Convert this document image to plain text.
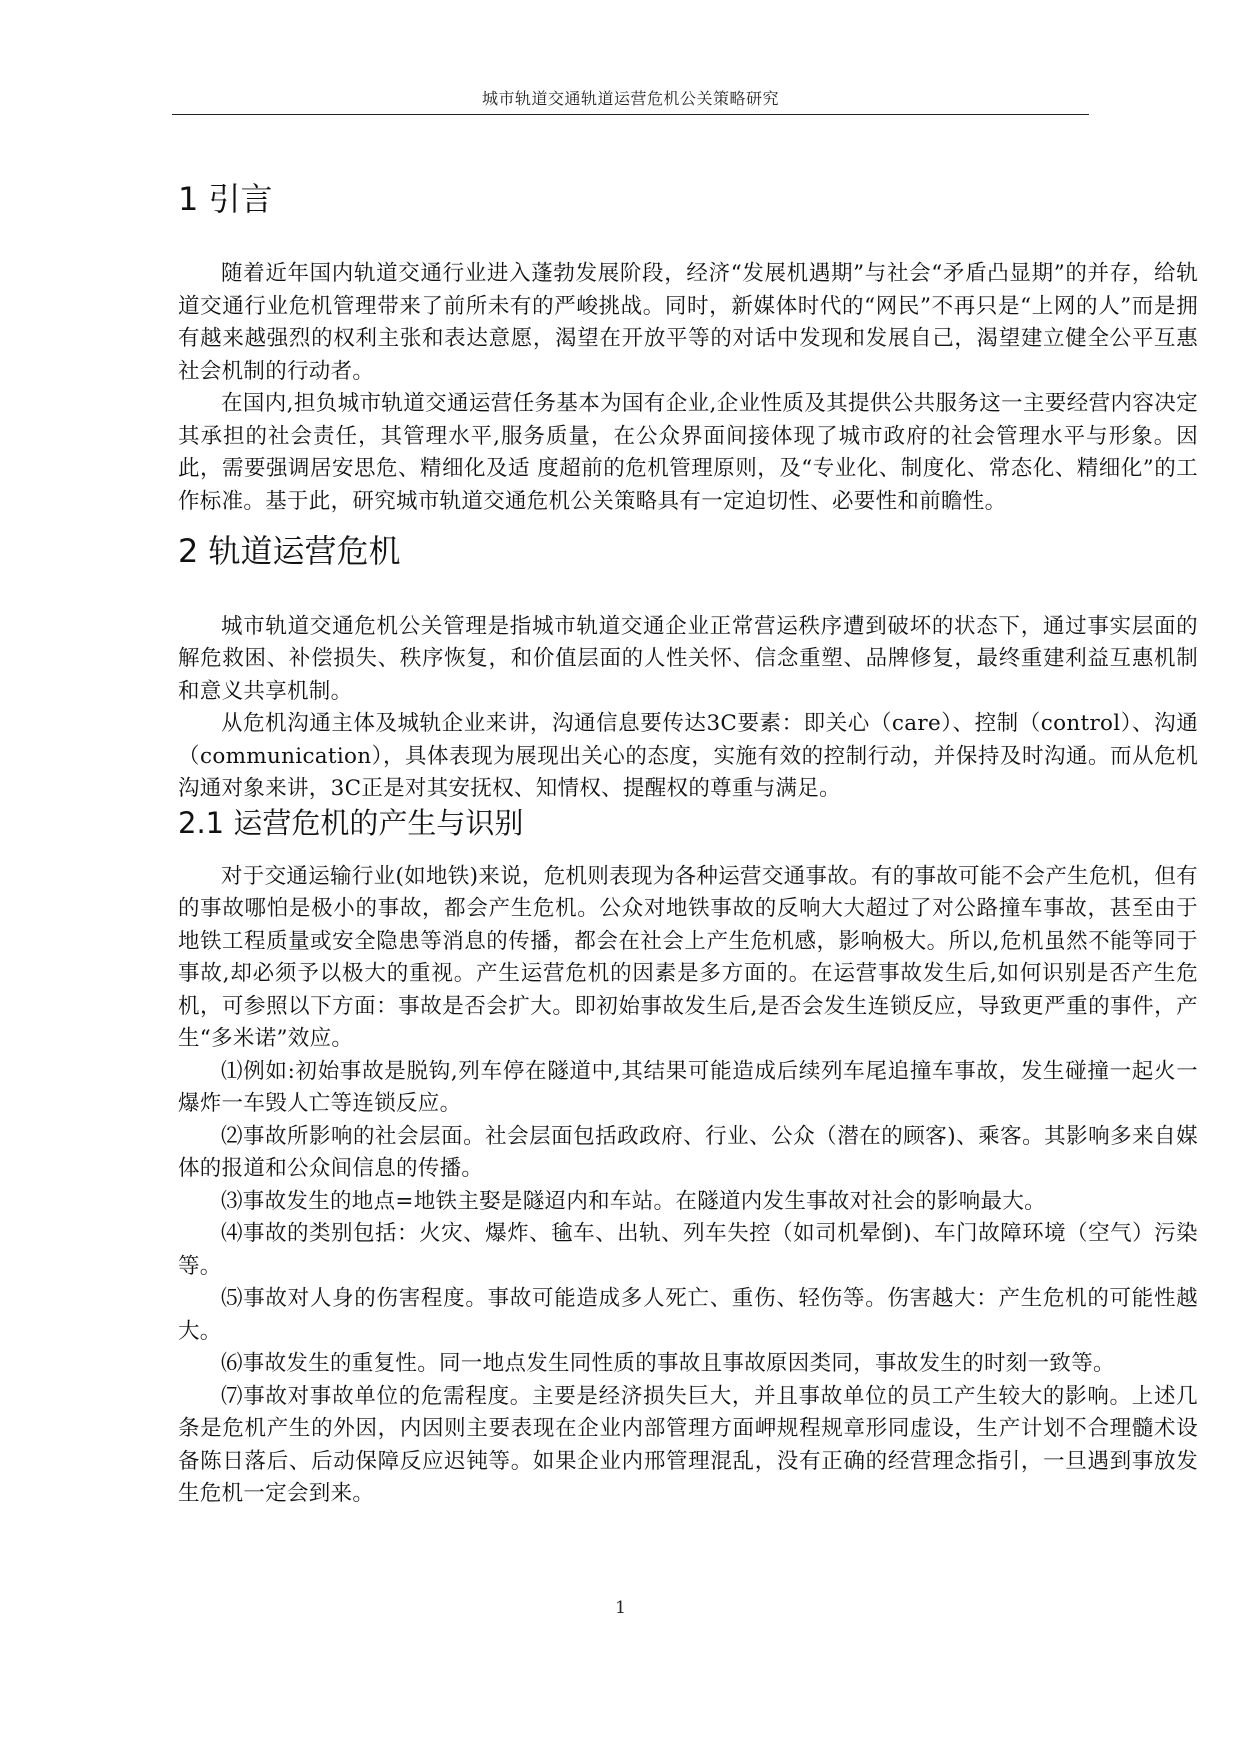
城市轨道交通轨道运营危机公关策略研究
1 引言

随着近年国内轨道交通行业进入蓬勃发展阶段，经济“发展机遇期”与社会“矛盾凸显期”的并存，给轨道交通行业危机管理带来了前所未有的严峻挑战。同时，新媒体时代的“网民”不再只是“上网的人”而是拥有越来越强烈的权利主张和表达意愿，渴望在开放平等的对话中发现和发展自己，渴望建立健全公平互惠社会机制的行动者。

在国内,担负城市轨道交通运营任务基本为国有企业,企业性质及其提供公共服务这一主要经营内容决定其承担的社会责任，其管理水平,服务质量，在公众界面间接体现了城市政府的社会管理水平与形象。因此，需要强调居安思危、精细化及适 度超前的危机管理原则，及“专业化、制度化、常态化、精细化”的工作标准。基于此，研究城市轨道交通危机公关策略具有一定迫切性、必要性和前瞻性。

2 轨道运营危机

城市轨道交通危机公关管理是指城市轨道交通企业正常营运秩序遭到破坏的状态下，通过事实层面的解危救困、补偿损失、秩序恢复，和价值层面的人性关怀、信念重塑、品牌修复，最终重建利益互惠机制和意义共享机制。

从危机沟通主体及城轨企业来讲，沟通信息要传达3C要素：即关心（care）、控制（control）、沟通（communication），具体表现为展现出关心的态度，实施有效的控制行动，并保持及时沟通。而从危机沟通对象来讲，3C正是对其安抚权、知情权、提醒权的尊重与满足。

2.1 运营危机的产生与识别

对于交通运输行业(如地铁)来说，危机则表现为各种运营交通事故。有的事故可能不会产生危机，但有的事故哪怕是极小的事故，都会产生危机。公众对地铁事故的反响大大超过了对公路撞车事故，甚至由于地铁工程质量或安全隐患等消息的传播，都会在社会上产生危机感，影响极大。所以,危机虽然不能等同于事故,却必须予以极大的重视。产生运营危机的因素是多方面的。在运营事故发生后,如何识别是否产生危机，可参照以下方面：事故是否会扩大。即初始事故发生后,是否会发生连锁反应，导致更严重的事件，产生“多米诺”效应。

⑴例如:初始事故是脱钩,列车停在隧道中,其结果可能造成后续列车尾追撞车事故，发生碰撞一起火一爆炸一车毁人亡等连锁反应。

⑵事故所影响的社会层面。社会层面包括政政府、行业、公众（潜在的顾客)、乘客。其影响多来自媒体的报道和公众间信息的传播。

⑶事故发生的地点=地铁主娶是隧迢内和车站。在隧道内发生事故对社会的影响最大。

⑷事故的类别包括：火灾、爆炸、毺车、出轨、列车失控（如司机晕倒)、车门故障环境（空气）污染等。

⑸事故对人身的伤害程度。事故可能造成多人死亡、重伤、轻伤等。伤害越大：产生危机的可能性越大。

⑹事故发生的重复性。同一地点发生同性质的事故且事故原因类同，事故发生的时刻一致等。

⑺事故对事故单位的危需程度。主要是经济损失巨大，并且事故单位的员工产生较大的影响。上述几条是危机产生的外因，内因则主要表现在企业内部管理方面岬规程规章形同虚设，生产计划不合理髓术设备陈日落后、后动保障反应迟钝等。如果企业内邢管理混乱，没有正确的经营理念指引，一旦遇到事放发生危机一定会到来。

1
